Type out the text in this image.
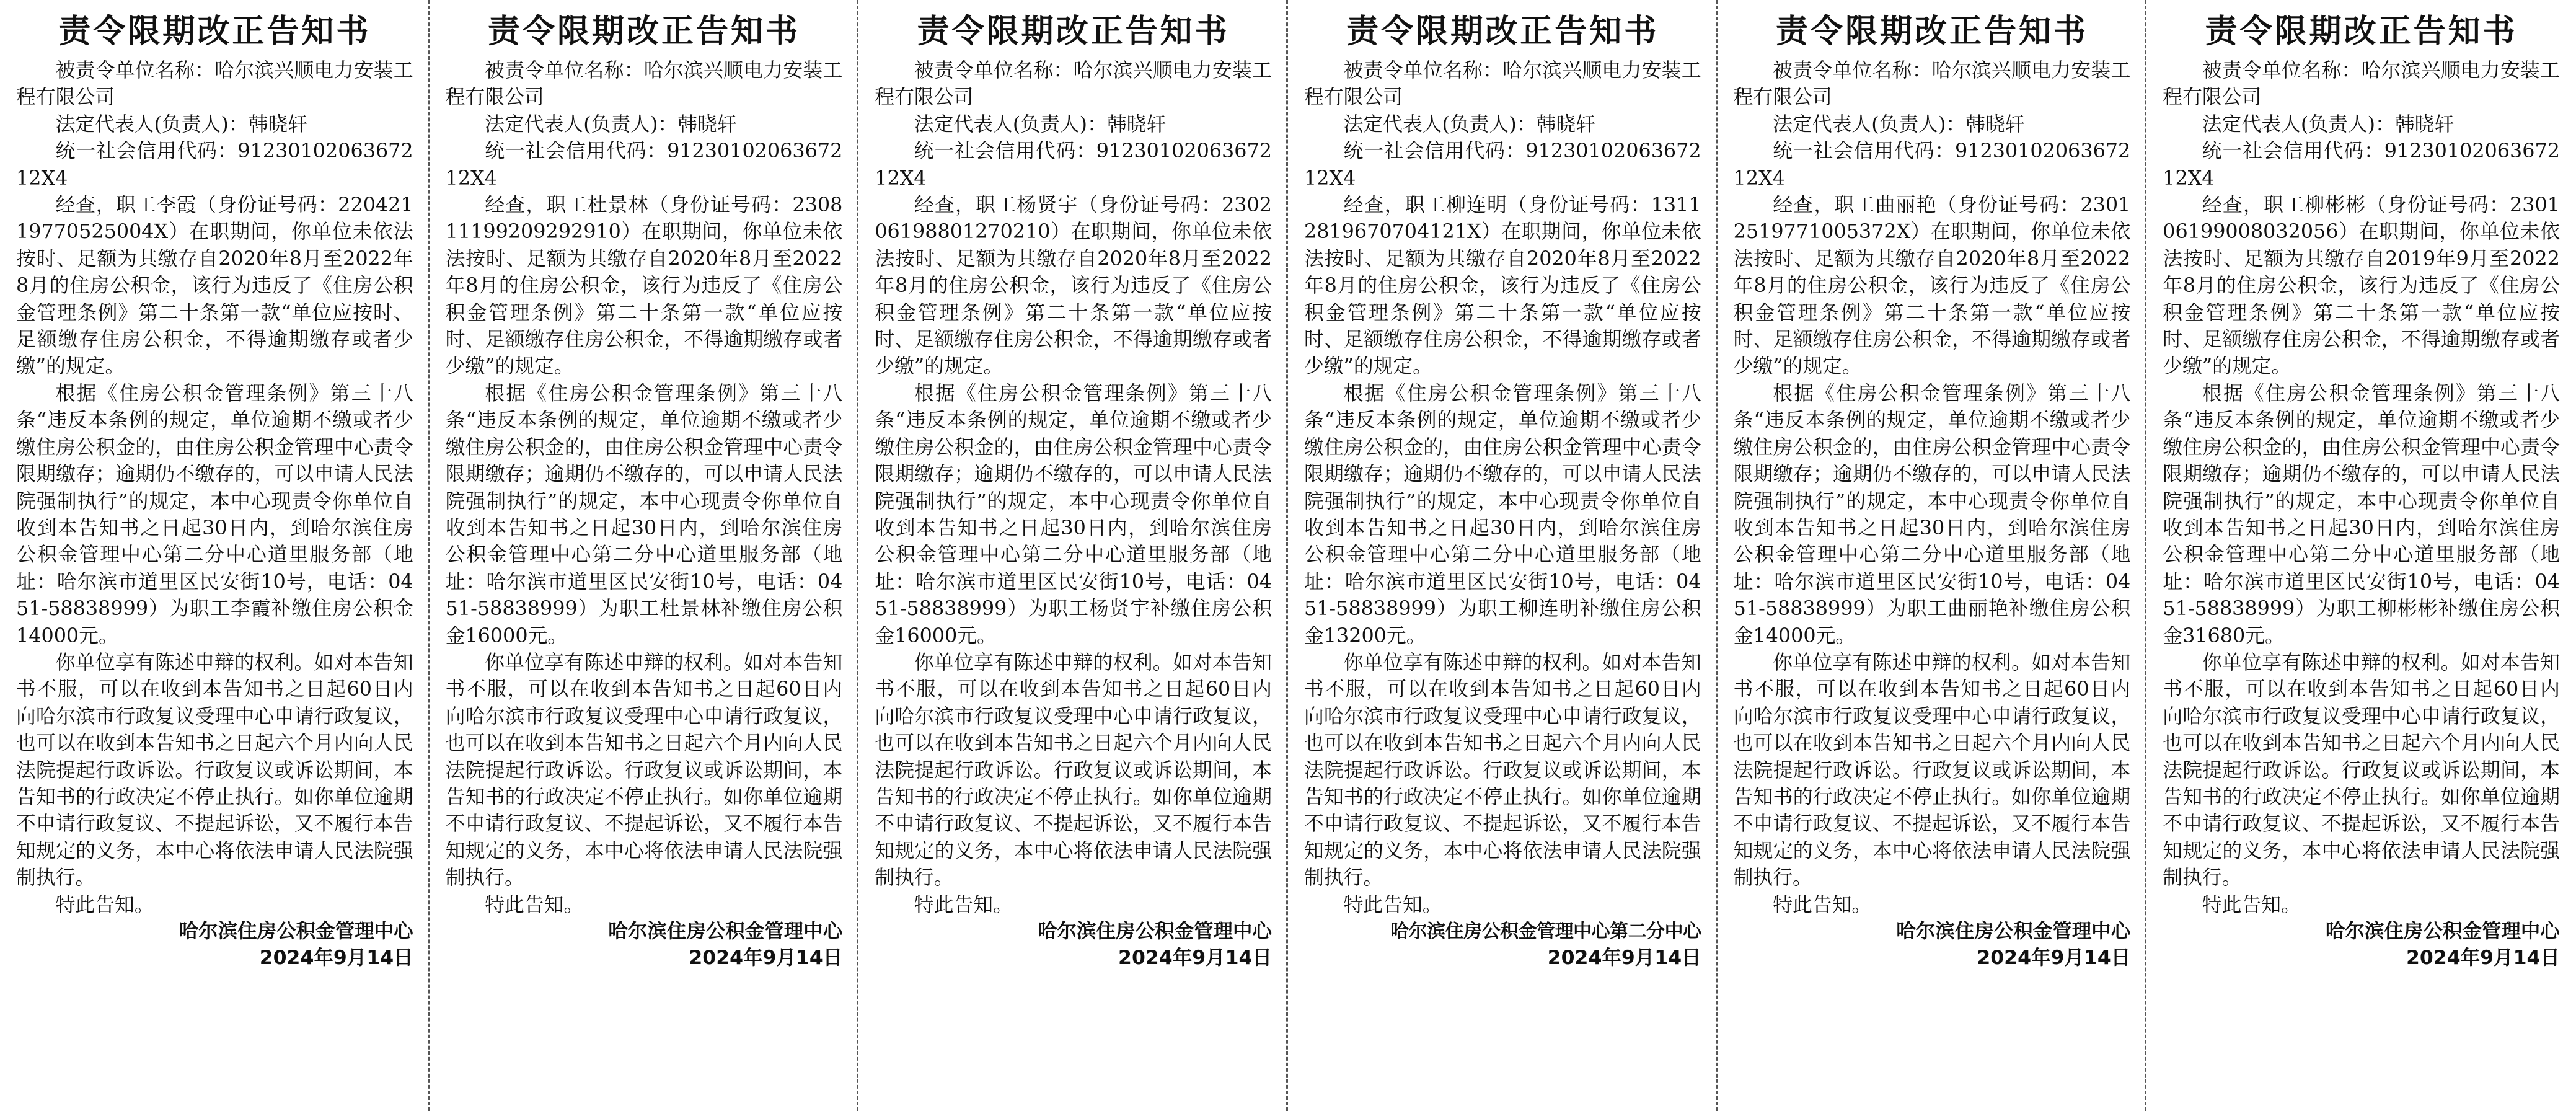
责令限期改正告知书

被责令单位名称：哈尔滨兴顺电力安装工程有限公司

法定代表人(负责人)：韩晓轩

统一社会信用代码：9123010206367212X4

经查，职工李霞（身份证号码：22042119770525004X）在职期间，你单位未依法按时、足额为其缴存自2020年8月至2022年8月的住房公积金，该行为违反了《住房公积金管理条例》第二十条第一款“单位应按时、足额缴存住房公积金，不得逾期缴存或者少缴”的规定。

根据《住房公积金管理条例》第三十八条“违反本条例的规定，单位逾期不缴或者少缴住房公积金的，由住房公积金管理中心责令限期缴存；逾期仍不缴存的，可以申请人民法院强制执行”的规定，本中心现责令你单位自收到本告知书之日起30日内，到哈尔滨住房公积金管理中心第二分中心道里服务部（地址：哈尔滨市道里区民安街10号，电话：0451-58838999）为职工李霞补缴住房公积金14000元。

你单位享有陈述申辩的权利。如对本告知书不服，可以在收到本告知书之日起60日内向哈尔滨市行政复议受理中心申请行政复议，也可以在收到本告知书之日起六个月内向人民法院提起行政诉讼。行政复议或诉讼期间，本告知书的行政决定不停止执行。如你单位逾期不申请行政复议、不提起诉讼，又不履行本告知规定的义务，本中心将依法申请人民法院强制执行。

特此告知。

哈尔滨住房公积金管理中心
2024年9月14日
责令限期改正告知书

被责令单位名称：哈尔滨兴顺电力安装工程有限公司

法定代表人(负责人)：韩晓轩

统一社会信用代码：9123010206367212X4

经查，职工杜景林（身份证号码：230811199209292910）在职期间，你单位未依法按时、足额为其缴存自2020年8月至2022年8月的住房公积金，该行为违反了《住房公积金管理条例》第二十条第一款“单位应按时、足额缴存住房公积金，不得逾期缴存或者少缴”的规定。

根据《住房公积金管理条例》第三十八条“违反本条例的规定，单位逾期不缴或者少缴住房公积金的，由住房公积金管理中心责令限期缴存；逾期仍不缴存的，可以申请人民法院强制执行”的规定，本中心现责令你单位自收到本告知书之日起30日内，到哈尔滨住房公积金管理中心第二分中心道里服务部（地址：哈尔滨市道里区民安街10号，电话：0451-58838999）为职工杜景林补缴住房公积金16000元。

你单位享有陈述申辩的权利。如对本告知书不服，可以在收到本告知书之日起60日内向哈尔滨市行政复议受理中心申请行政复议，也可以在收到本告知书之日起六个月内向人民法院提起行政诉讼。行政复议或诉讼期间，本告知书的行政决定不停止执行。如你单位逾期不申请行政复议、不提起诉讼，又不履行本告知规定的义务，本中心将依法申请人民法院强制执行。

特此告知。

哈尔滨住房公积金管理中心
2024年9月14日
责令限期改正告知书

被责令单位名称：哈尔滨兴顺电力安装工程有限公司

法定代表人(负责人)：韩晓轩

统一社会信用代码：9123010206367212X4

经查，职工杨贤宇（身份证号码：230206198801270210）在职期间，你单位未依法按时、足额为其缴存自2020年8月至2022年8月的住房公积金，该行为违反了《住房公积金管理条例》第二十条第一款“单位应按时、足额缴存住房公积金，不得逾期缴存或者少缴”的规定。

根据《住房公积金管理条例》第三十八条“违反本条例的规定，单位逾期不缴或者少缴住房公积金的，由住房公积金管理中心责令限期缴存；逾期仍不缴存的，可以申请人民法院强制执行”的规定，本中心现责令你单位自收到本告知书之日起30日内，到哈尔滨住房公积金管理中心第二分中心道里服务部（地址：哈尔滨市道里区民安街10号，电话：0451-58838999）为职工杨贤宇补缴住房公积金16000元。

你单位享有陈述申辩的权利。如对本告知书不服，可以在收到本告知书之日起60日内向哈尔滨市行政复议受理中心申请行政复议，也可以在收到本告知书之日起六个月内向人民法院提起行政诉讼。行政复议或诉讼期间，本告知书的行政决定不停止执行。如你单位逾期不申请行政复议、不提起诉讼，又不履行本告知规定的义务，本中心将依法申请人民法院强制执行。

特此告知。

哈尔滨住房公积金管理中心
2024年9月14日
责令限期改正告知书

被责令单位名称：哈尔滨兴顺电力安装工程有限公司

法定代表人(负责人)：韩晓轩

统一社会信用代码：9123010206367212X4

经查，职工柳连明（身份证号码：13112819670704121X）在职期间，你单位未依法按时、足额为其缴存自2020年8月至2022年8月的住房公积金，该行为违反了《住房公积金管理条例》第二十条第一款“单位应按时、足额缴存住房公积金，不得逾期缴存或者少缴”的规定。

根据《住房公积金管理条例》第三十八条“违反本条例的规定，单位逾期不缴或者少缴住房公积金的，由住房公积金管理中心责令限期缴存；逾期仍不缴存的，可以申请人民法院强制执行”的规定，本中心现责令你单位自收到本告知书之日起30日内，到哈尔滨住房公积金管理中心第二分中心道里服务部（地址：哈尔滨市道里区民安街10号，电话：0451-58838999）为职工柳连明补缴住房公积金13200元。

你单位享有陈述申辩的权利。如对本告知书不服，可以在收到本告知书之日起60日内向哈尔滨市行政复议受理中心申请行政复议，也可以在收到本告知书之日起六个月内向人民法院提起行政诉讼。行政复议或诉讼期间，本告知书的行政决定不停止执行。如你单位逾期不申请行政复议、不提起诉讼，又不履行本告知规定的义务，本中心将依法申请人民法院强制执行。

特此告知。

哈尔滨住房公积金管理中心第二分中心
2024年9月14日
责令限期改正告知书

被责令单位名称：哈尔滨兴顺电力安装工程有限公司

法定代表人(负责人)：韩晓轩

统一社会信用代码：9123010206367212X4

经查，职工曲丽艳（身份证号码：23012519771005372X）在职期间，你单位未依法按时、足额为其缴存自2020年8月至2022年8月的住房公积金，该行为违反了《住房公积金管理条例》第二十条第一款“单位应按时、足额缴存住房公积金，不得逾期缴存或者少缴”的规定。

根据《住房公积金管理条例》第三十八条“违反本条例的规定，单位逾期不缴或者少缴住房公积金的，由住房公积金管理中心责令限期缴存；逾期仍不缴存的，可以申请人民法院强制执行”的规定，本中心现责令你单位自收到本告知书之日起30日内，到哈尔滨住房公积金管理中心第二分中心道里服务部（地址：哈尔滨市道里区民安街10号，电话：0451-58838999）为职工曲丽艳补缴住房公积金14000元。

你单位享有陈述申辩的权利。如对本告知书不服，可以在收到本告知书之日起60日内向哈尔滨市行政复议受理中心申请行政复议，也可以在收到本告知书之日起六个月内向人民法院提起行政诉讼。行政复议或诉讼期间，本告知书的行政决定不停止执行。如你单位逾期不申请行政复议、不提起诉讼，又不履行本告知规定的义务，本中心将依法申请人民法院强制执行。

特此告知。

哈尔滨住房公积金管理中心
2024年9月14日
责令限期改正告知书

被责令单位名称：哈尔滨兴顺电力安装工程有限公司

法定代表人(负责人)：韩晓轩

统一社会信用代码：9123010206367212X4

经查，职工柳彬彬（身份证号码：230106199008032056）在职期间，你单位未依法按时、足额为其缴存自2019年9月至2022年8月的住房公积金，该行为违反了《住房公积金管理条例》第二十条第一款“单位应按时、足额缴存住房公积金，不得逾期缴存或者少缴”的规定。

根据《住房公积金管理条例》第三十八条“违反本条例的规定，单位逾期不缴或者少缴住房公积金的，由住房公积金管理中心责令限期缴存；逾期仍不缴存的，可以申请人民法院强制执行”的规定，本中心现责令你单位自收到本告知书之日起30日内，到哈尔滨住房公积金管理中心第二分中心道里服务部（地址：哈尔滨市道里区民安街10号，电话：0451-58838999）为职工柳彬彬补缴住房公积金31680元。

你单位享有陈述申辩的权利。如对本告知书不服，可以在收到本告知书之日起60日内向哈尔滨市行政复议受理中心申请行政复议，也可以在收到本告知书之日起六个月内向人民法院提起行政诉讼。行政复议或诉讼期间，本告知书的行政决定不停止执行。如你单位逾期不申请行政复议、不提起诉讼，又不履行本告知规定的义务，本中心将依法申请人民法院强制执行。

特此告知。

哈尔滨住房公积金管理中心
2024年9月14日
